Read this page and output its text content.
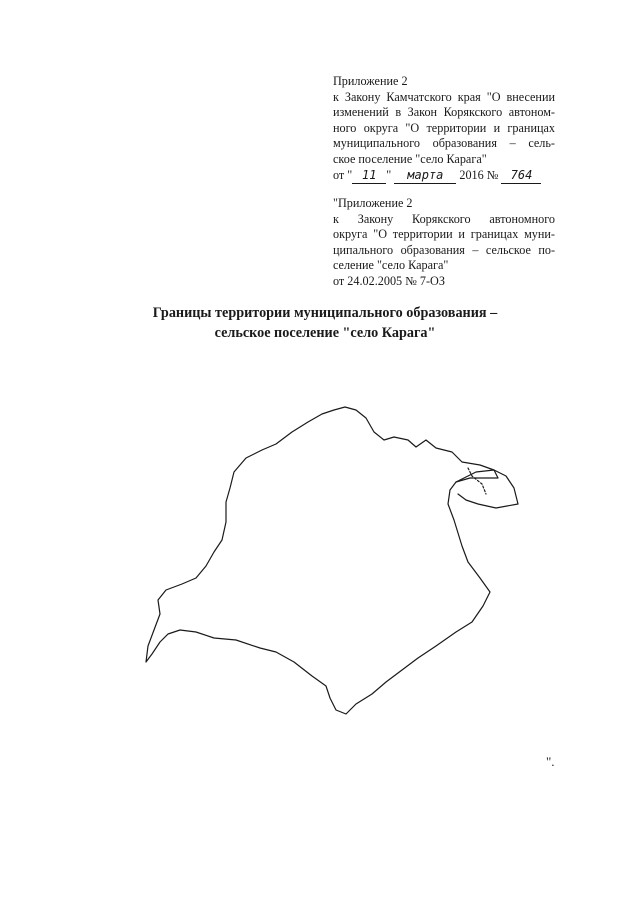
Приложение 2
к Закону Камчатского края "О внесении
изменений в Закон Корякского автоном-
ного округа "О территории и границах
муниципального образования – сель-
ское поселение "село Карага"
от " 11 " марта 2016 № 764
"Приложение 2
к Закону Корякского автономного
округа "О территории и границах муни-
ципального образования – сельское по-
селение "село Карага"
от 24.02.2005 № 7-ОЗ
Границы территории муниципального образования –
сельское поселение "село Карага"
".
